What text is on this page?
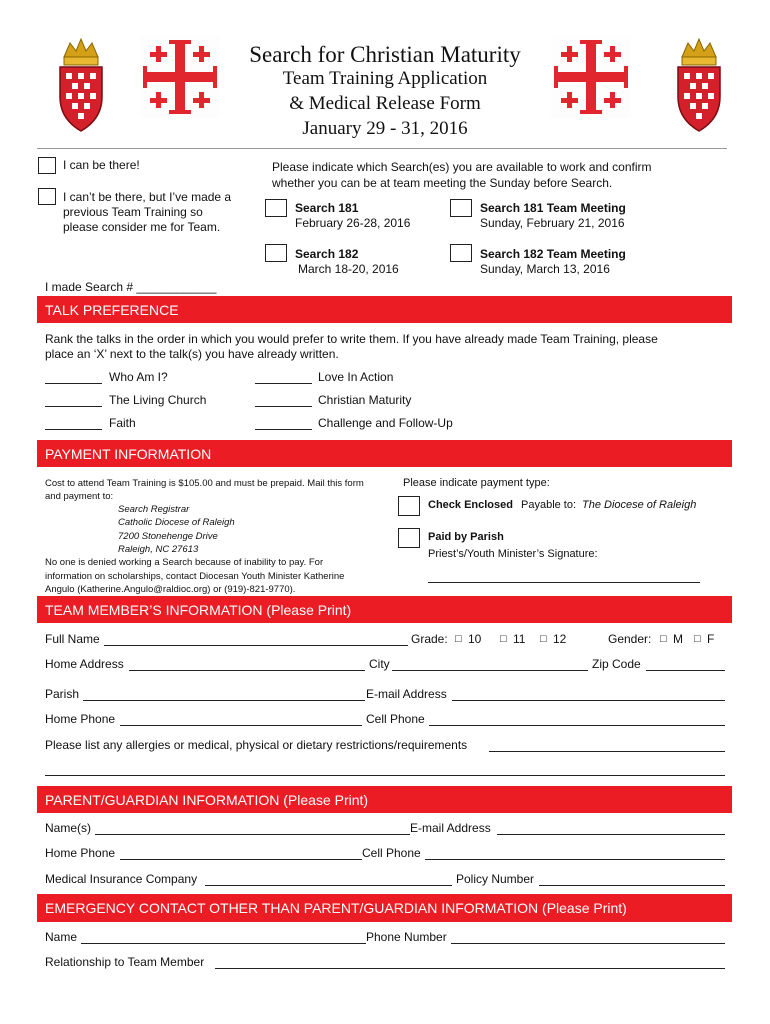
Search for Christian Maturity
Team Training Application
& Medical Release Form
January 29 - 31, 2016
I can be there!
I can’t be there, but I’ve made a
previous Team Training so
please consider me for Team.
I made Search # ____________
Please indicate which Search(es) you are available to work and confirm
whether you can be at team meeting the Sunday before Search.
Search 181
February 26-28, 2016
Search 181 Team Meeting
Sunday, February 21, 2016
Search 182
March 18-20, 2016
Search 182 Team Meeting
Sunday, March 13, 2016
TALK PREFERENCE
Rank the talks in the order in which you would prefer to write them. If you have already made Team Training, please
place an ‘X’ next to the talk(s) you have already written.
Who Am I?	Love In Action
The Living Church	Christian Maturity
Faith	Challenge and Follow-Up
PAYMENT INFORMATION
Cost to attend Team Training is $105.00 and must be prepaid. Mail this form
and payment to:
Search Registrar
Catholic Diocese of Raleigh
7200 Stonehenge Drive
Raleigh, NC 27613
No one is denied working a Search because of inability to pay. For
information on scholarships, contact Diocesan Youth Minister Katherine
Angulo (Katherine.Angulo@raldioc.org) or (919)-821-9770).
Please indicate payment type:
Check Enclosed Payable to: The Diocese of Raleigh
Paid by Parish
Priest’s/Youth Minister’s Signature:
TEAM MEMBER’S INFORMATION (Please Print)
Full Name	Grade: □ 10 □ 11 □ 12	Gender: □ M □ F
Home Address	City	Zip Code
Parish	E-mail Address
Home Phone	Cell Phone
Please list any allergies or medical, physical or dietary restrictions/requirements
PARENT/GUARDIAN INFORMATION (Please Print)
Name(s)	E-mail Address
Home Phone	Cell Phone
Medical Insurance Company	Policy Number
EMERGENCY CONTACT OTHER THAN PARENT/GUARDIAN INFORMATION (Please Print)
Name	Phone Number
Relationship to Team Member
